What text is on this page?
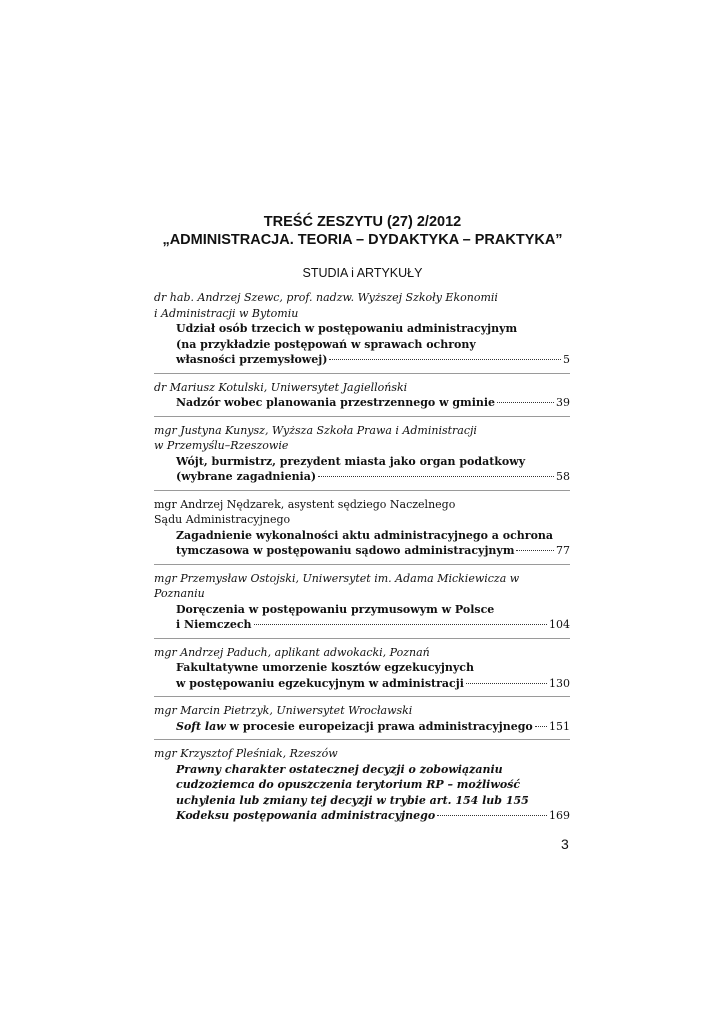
TREŚĆ ZESZYTU (27) 2/2012
„ADMINISTRACJA. TEORIA – DYDAKTYKA – PRAKTYKA”
STUDIA i ARTYKUŁY
dr hab. Andrzej Szewc, prof. nadzw. Wyższej Szkoły Ekonomii
i Administracji w Bytomiu
Udział osób trzecich w postępowaniu administracyjnym
(na przykładzie postępowań w sprawach ochrony
własności przemysłowej)	5
dr Mariusz Kotulski, Uniwersytet Jagielloński
Nadzór wobec planowania przestrzennego w gminie	39
mgr Justyna Kunysz, Wyższa Szkoła Prawa i Administracji
w Przemyślu–Rzeszowie
Wójt, burmistrz, prezydent miasta jako organ podatkowy
(wybrane zagadnienia)	58
mgr Andrzej Nędzarek, asystent sędziego Naczelnego
Sądu Administracyjnego
Zagadnienie wykonalności aktu administracyjnego a ochrona
tymczasowa w postępowaniu sądowo administracyjnym	77
mgr Przemysław Ostojski, Uniwersytet im. Adama Mickiewicza w Poznaniu
Doręczenia w postępowaniu przymusowym w Polsce
i Niemczech	104
mgr Andrzej Paduch, aplikant adwokacki, Poznań
Fakultatywne umorzenie kosztów egzekucyjnych
w postępowaniu egzekucyjnym w administracji	130
mgr Marcin Pietrzyk, Uniwersytet Wrocławski
Soft law w procesie europeizacji prawa administracyjnego 151
mgr Krzysztof Pleśniak, Rzeszów
Prawny charakter ostatecznej decyzji o zobowiązaniu
cudzoziemca do opuszczenia terytorium RP – możliwość
uchylenia lub zmiany tej decyzji w trybie art. 154 lub 155
Kodeksu postępowania administracyjnego	169
3
